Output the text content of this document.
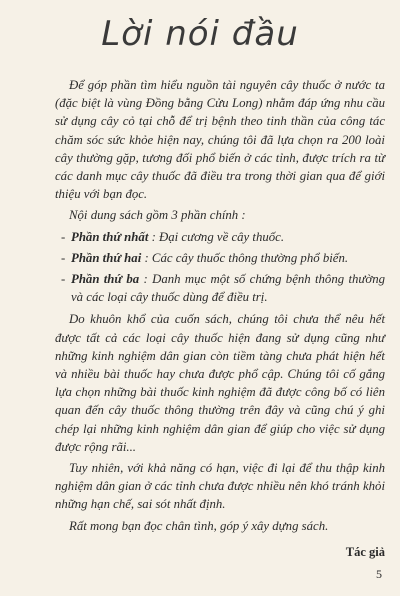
Lời nói đầu

Để góp phần tìm hiểu nguồn tài nguyên cây thuốc ở nước ta (đặc biệt là vùng Đồng bằng Cửu Long) nhằm đáp ứng nhu cầu sử dụng cây cỏ tại chỗ để trị bệnh theo tinh thần của công tác chăm sóc sức khỏe hiện nay, chúng tôi đã lựa chọn ra 200 loài cây thường gặp, tương đối phổ biến ở các tỉnh, được trích ra từ các danh mục cây thuốc đã điều tra trong thời gian qua để giới thiệu với bạn đọc.

Nội dung sách gồm 3 phần chính :

- Phần thứ nhất : Đại cương về cây thuốc.
- Phần thứ hai : Các cây thuốc thông thường phổ biến.
- Phần thứ ba : Danh mục một số chứng bệnh thông thường và các loại cây thuốc dùng để điều trị.

Do khuôn khổ của cuốn sách, chúng tôi chưa thể nêu hết được tất cả các loại cây thuốc hiện đang sử dụng cũng như những kinh nghiệm dân gian còn tiềm tàng chưa phát hiện hết và nhiều bài thuốc hay chưa được phổ cập. Chúng tôi cố gắng lựa chọn những bài thuốc kinh nghiệm đã được công bố có liên quan đến cây thuốc thông thường trên đây và cũng chú ý ghi chép lại những kinh nghiệm dân gian để giúp cho việc sử dụng được rộng rãi...

Tuy nhiên, với khả năng có hạn, việc đi lại để thu thập kinh nghiệm dân gian ở các tỉnh chưa được nhiều nên khó tránh khỏi những hạn chế, sai sót nhất định.

Rất mong bạn đọc chân tình, góp ý xây dựng sách.

Tác giả
5
